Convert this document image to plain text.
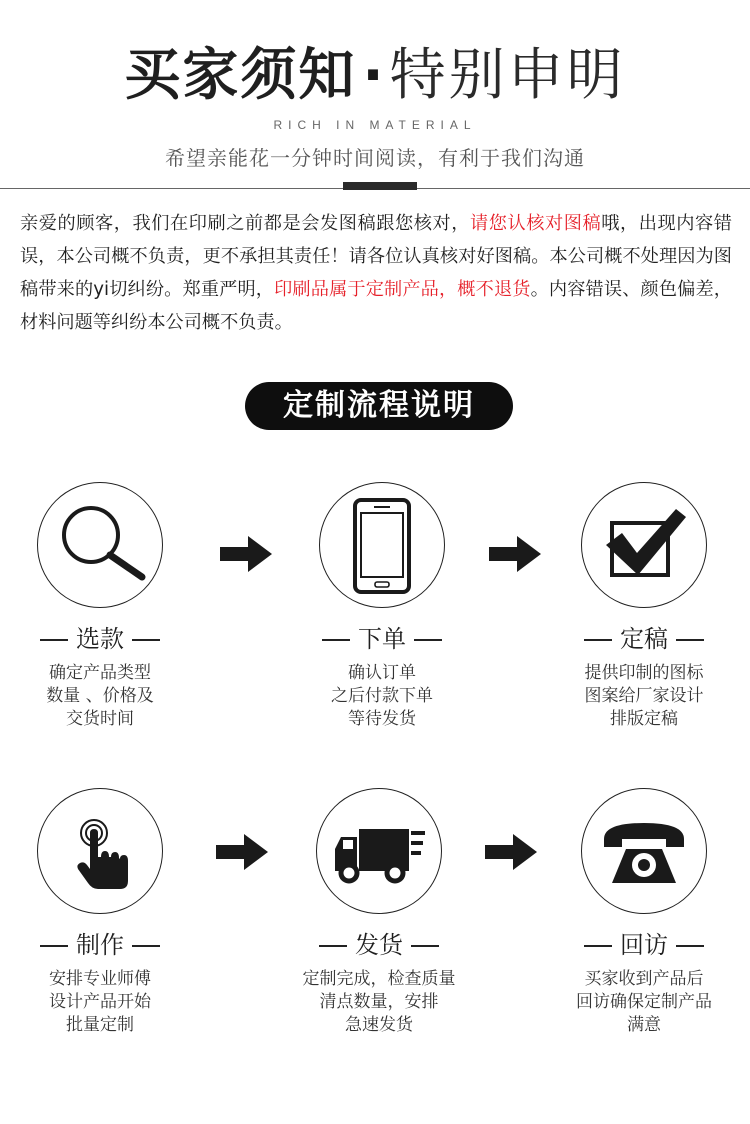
买家须知 · 特别申明
RICH IN MATERIAL
希望亲能花一分钟时间阅读，有利于我们沟通
亲爱的顾客，我们在印刷之前都是会发图稿跟您核对，请您认核对图稿哦，出现内容错误，本公司概不负责，更不承担其责任！请各位认真核对好图稿。本公司概不处理因为图稿带来的yi切纠纷。郑重严明，印刷品属于定制产品，概不退货。内容错误、颜色偏差，材料问题等纠纷本公司概不负责。
定制流程说明
选款
确定产品类型
数量 、价格及
交货时间
下单
确认订单
之后付款下单
等待发货
定稿
提供印制的图标
图案给厂家设计
排版定稿
制作
安排专业师傅
设计产品开始
批量定制
发货
定制完成，检查质量
清点数量，安排
急速发货
回访
买家收到产品后
回访确保定制产品
满意
